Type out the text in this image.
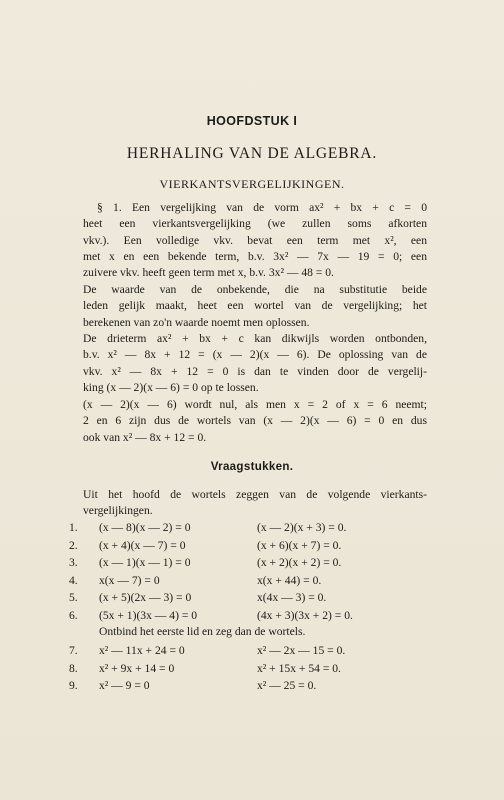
HOOFDSTUK I
HERHALING VAN DE ALGEBRA.
VIERKANTSVERGELIJKINGEN.
§ 1. Een vergelijking van de vorm ax² + bx + c = 0
heet een vierkantsvergelijking (we zullen soms afkorten
vkv.). Een volledige vkv. bevat een term met x², een
met x en een bekende term, b.v. 3x² — 7x — 19 = 0; een
zuivere vkv. heeft geen term met x, b.v. 3x² — 48 = 0.
De waarde van de onbekende, die na substitutie beide
leden gelijk maakt, heet een wortel van de vergelijking; het
berekenen van zo'n waarde noemt men oplossen.
De drieterm ax² + bx + c kan dikwijls worden ontbonden,
b.v. x² — 8x + 12 = (x — 2)(x — 6). De oplossing van de
vkv. x² — 8x + 12 = 0 is dan te vinden door de vergelij-
king (x — 2)(x — 6) = 0 op te lossen.
(x — 2)(x — 6) wordt nul, als men x = 2 of x = 6 neemt;
2 en 6 zijn dus de wortels van (x — 2)(x — 6) = 0 en dus
ook van x² — 8x + 12 = 0.
Vraagstukken.
Uit het hoofd de wortels zeggen van de volgende vierkants-
vergelijkingen.
1.	(x — 8)(x — 2) = 0	(x — 2)(x + 3) = 0.
2.	(x + 4)(x — 7) = 0	(x + 6)(x + 7) = 0.
3.	(x — 1)(x — 1) = 0	(x + 2)(x + 2) = 0.
4.	x(x — 7) = 0	x(x + 44) = 0.
5.	(x + 5)(2x — 3) = 0	x(4x — 3) = 0.
6.	(5x + 1)(3x — 4) = 0	(4x + 3)(3x + 2) = 0.
Ontbind het eerste lid en zeg dan de wortels.
7.	x² — 11x + 24 = 0	x² — 2x — 15 = 0.
8.	x² + 9x + 14 = 0	x² + 15x + 54 = 0.
9.	x² — 9 = 0	x² — 25 = 0.
